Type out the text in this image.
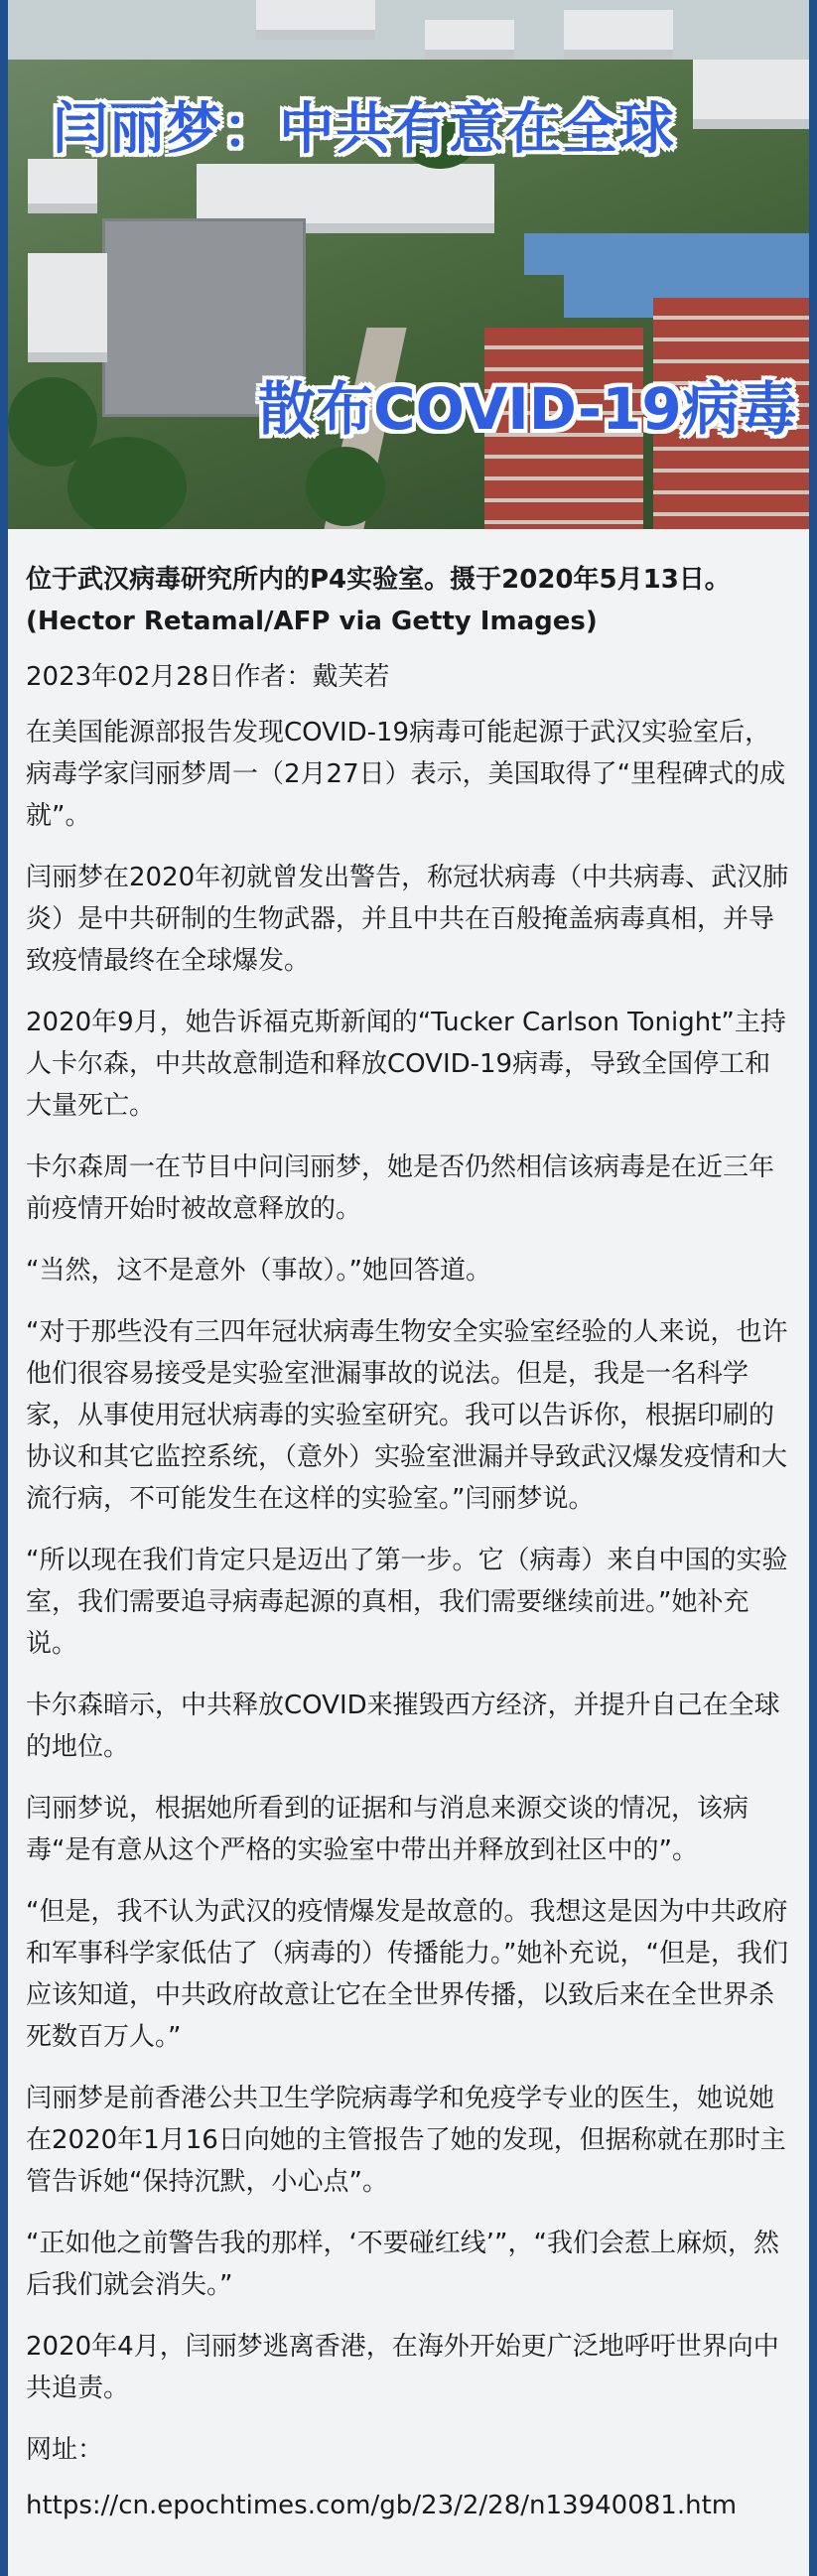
闫丽梦：中共有意在全球
散布COVID-19病毒

位于武汉病毒研究所内的P4实验室。摄于2020年5月13日。(Hector Retamal/AFP via Getty Images)

2023年02月28日作者：戴芙若

在美国能源部报告发现COVID-19病毒可能起源于武汉实验室后，病毒学家闫丽梦周一（2月27日）表示，美国取得了“里程碑式的成就”。

闫丽梦在2020年初就曾发出警告，称冠状病毒（中共病毒、武汉肺炎）是中共研制的生物武器，并且中共在百般掩盖病毒真相，并导致疫情最终在全球爆发。

2020年9月，她告诉福克斯新闻的“Tucker Carlson Tonight”主持人卡尔森，中共故意制造和释放COVID-19病毒，导致全国停工和大量死亡。

卡尔森周一在节目中问闫丽梦，她是否仍然相信该病毒是在近三年前疫情开始时被故意释放的。

“当然，这不是意外（事故）。”她回答道。

“对于那些没有三四年冠状病毒生物安全实验室经验的人来说，也许他们很容易接受是实验室泄漏事故的说法。但是，我是一名科学家，从事使用冠状病毒的实验室研究。我可以告诉你，根据印刷的协议和其它监控系统，（意外）实验室泄漏并导致武汉爆发疫情和大流行病，不可能发生在这样的实验室。”闫丽梦说。

“所以现在我们肯定只是迈出了第一步。它（病毒）来自中国的实验室，我们需要追寻病毒起源的真相，我们需要继续前进。”她补充说。

卡尔森暗示，中共释放COVID来摧毁西方经济，并提升自己在全球的地位。

闫丽梦说，根据她所看到的证据和与消息来源交谈的情况，该病毒“是有意从这个严格的实验室中带出并释放到社区中的”。

“但是，我不认为武汉的疫情爆发是故意的。我想这是因为中共政府和军事科学家低估了（病毒的）传播能力。”她补充说，“但是，我们应该知道，中共政府故意让它在全世界传播，以致后来在全世界杀死数百万人。”

闫丽梦是前香港公共卫生学院病毒学和免疫学专业的医生，她说她在2020年1月16日向她的主管报告了她的发现，但据称就在那时主管告诉她“保持沉默，小心点”。

“正如他之前警告我的那样，‘不要碰红线’”，“我们会惹上麻烦，然后我们就会消失。”

2020年4月，闫丽梦逃离香港，在海外开始更广泛地呼吁世界向中共追责。

网址：

https://cn.epochtimes.com/gb/23/2/28/n13940081.htm
